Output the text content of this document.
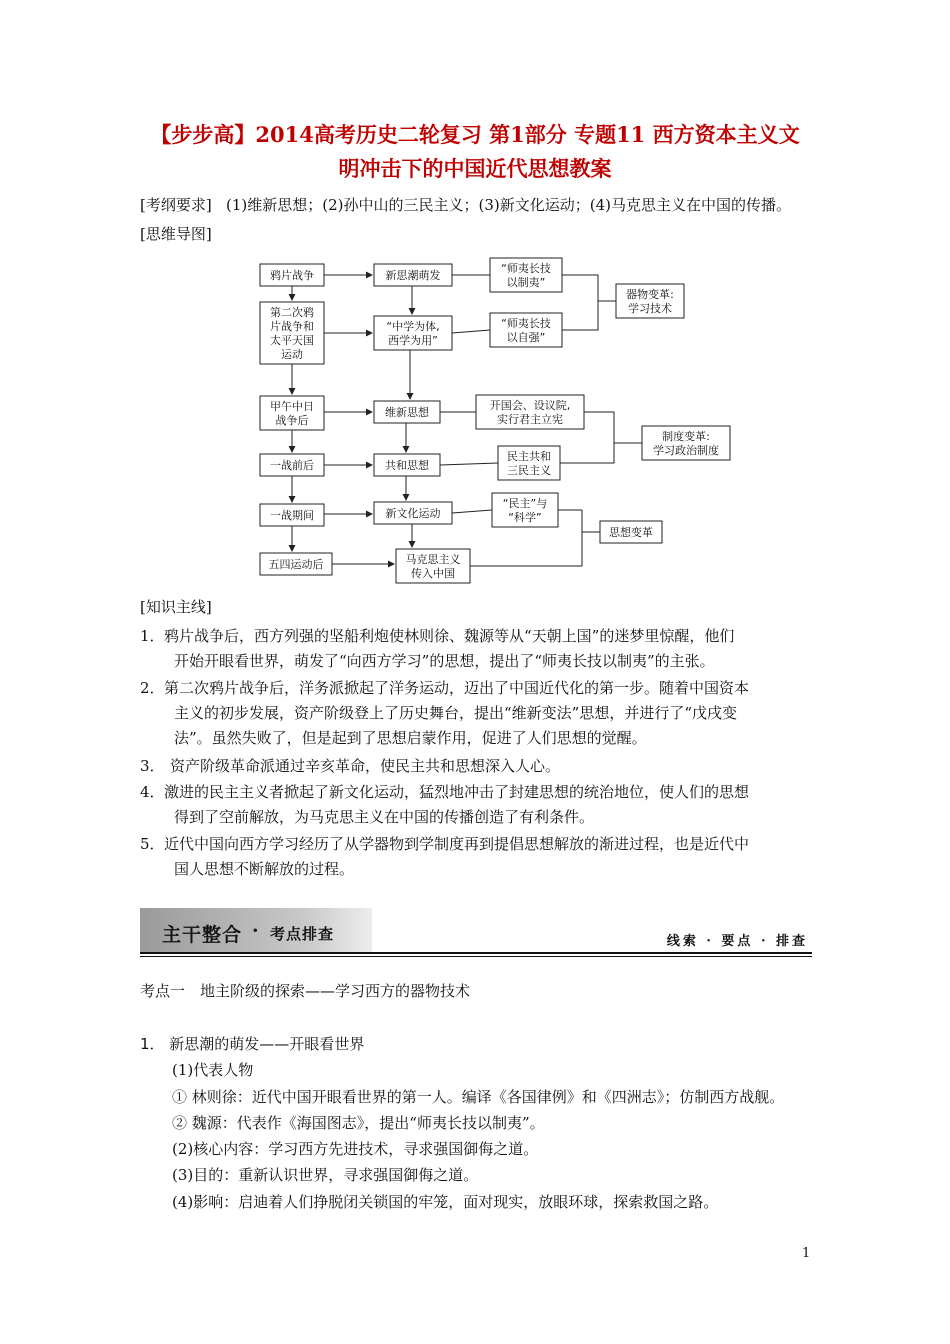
【步步高】2014高考历史二轮复习 第1部分 专题11 西方资本主义文
明冲击下的中国近代思想教案
[考纲要求] (1)维新思想；(2)孙中山的三民主义；(3)新文化运动；(4)马克思主义在中国的传播。
[思维导图]
鸦片战争
第二次鸦
片战争和
太平天国
运动
甲午中日
战争后
一战前后
一战期间
五四运动后
新思潮萌发
“中学为体,
西学为用”
维新思想
共和思想
新文化运动
马克思主义
传入中国
“师夷长技
以制夷”
“师夷长技
以自强”
开国会、设议院,
实行君主立宪
民主共和
三民主义
“民主”与
“科学”
器物变革:
学习技术
制度变革:
学习政治制度
思想变革
[知识主线]
1． 鸦片战争后，西方列强的坚船利炮使林则徐、魏源等从“天朝上国”的迷梦里惊醒，他们
开始开眼看世界，萌发了“向西方学习”的思想，提出了“师夷长技以制夷”的主张。
2． 第二次鸦片战争后，洋务派掀起了洋务运动，迈出了中国近代化的第一步。随着中国资本
主义的初步发展，资产阶级登上了历史舞台，提出“维新变法”思想，并进行了“戊戌变
法”。虽然失败了，但是起到了思想启蒙作用，促进了人们思想的觉醒。
3． 资产阶级革命派通过辛亥革命，使民主共和思想深入人心。
4． 激进的民主主义者掀起了新文化运动，猛烈地冲击了封建思想的统治地位，使人们的思想
得到了空前解放，为马克思主义在中国的传播创造了有利条件。
5． 近代中国向西方学习经历了从学器物到学制度再到提倡思想解放的渐进过程，也是近代中
国人思想不断解放的过程。
主干整合 · 考点排查	线索 · 要点 · 排查
考点一　地主阶级的探索——学习西方的器物技术
1． 新思潮的萌发——开眼看世界
(1)代表人物
① 林则徐：近代中国开眼看世界的第一人。编译《各国律例》和《四洲志》；仿制西方战舰。
② 魏源：代表作《海国图志》，提出“师夷长技以制夷”。
(2)核心内容：学习西方先进技术，寻求强国御侮之道。
(3)目的：重新认识世界，寻求强国御侮之道。
(4)影响：启迪着人们挣脱闭关锁国的牢笼，面对现实，放眼环球，探索救国之路。
1
